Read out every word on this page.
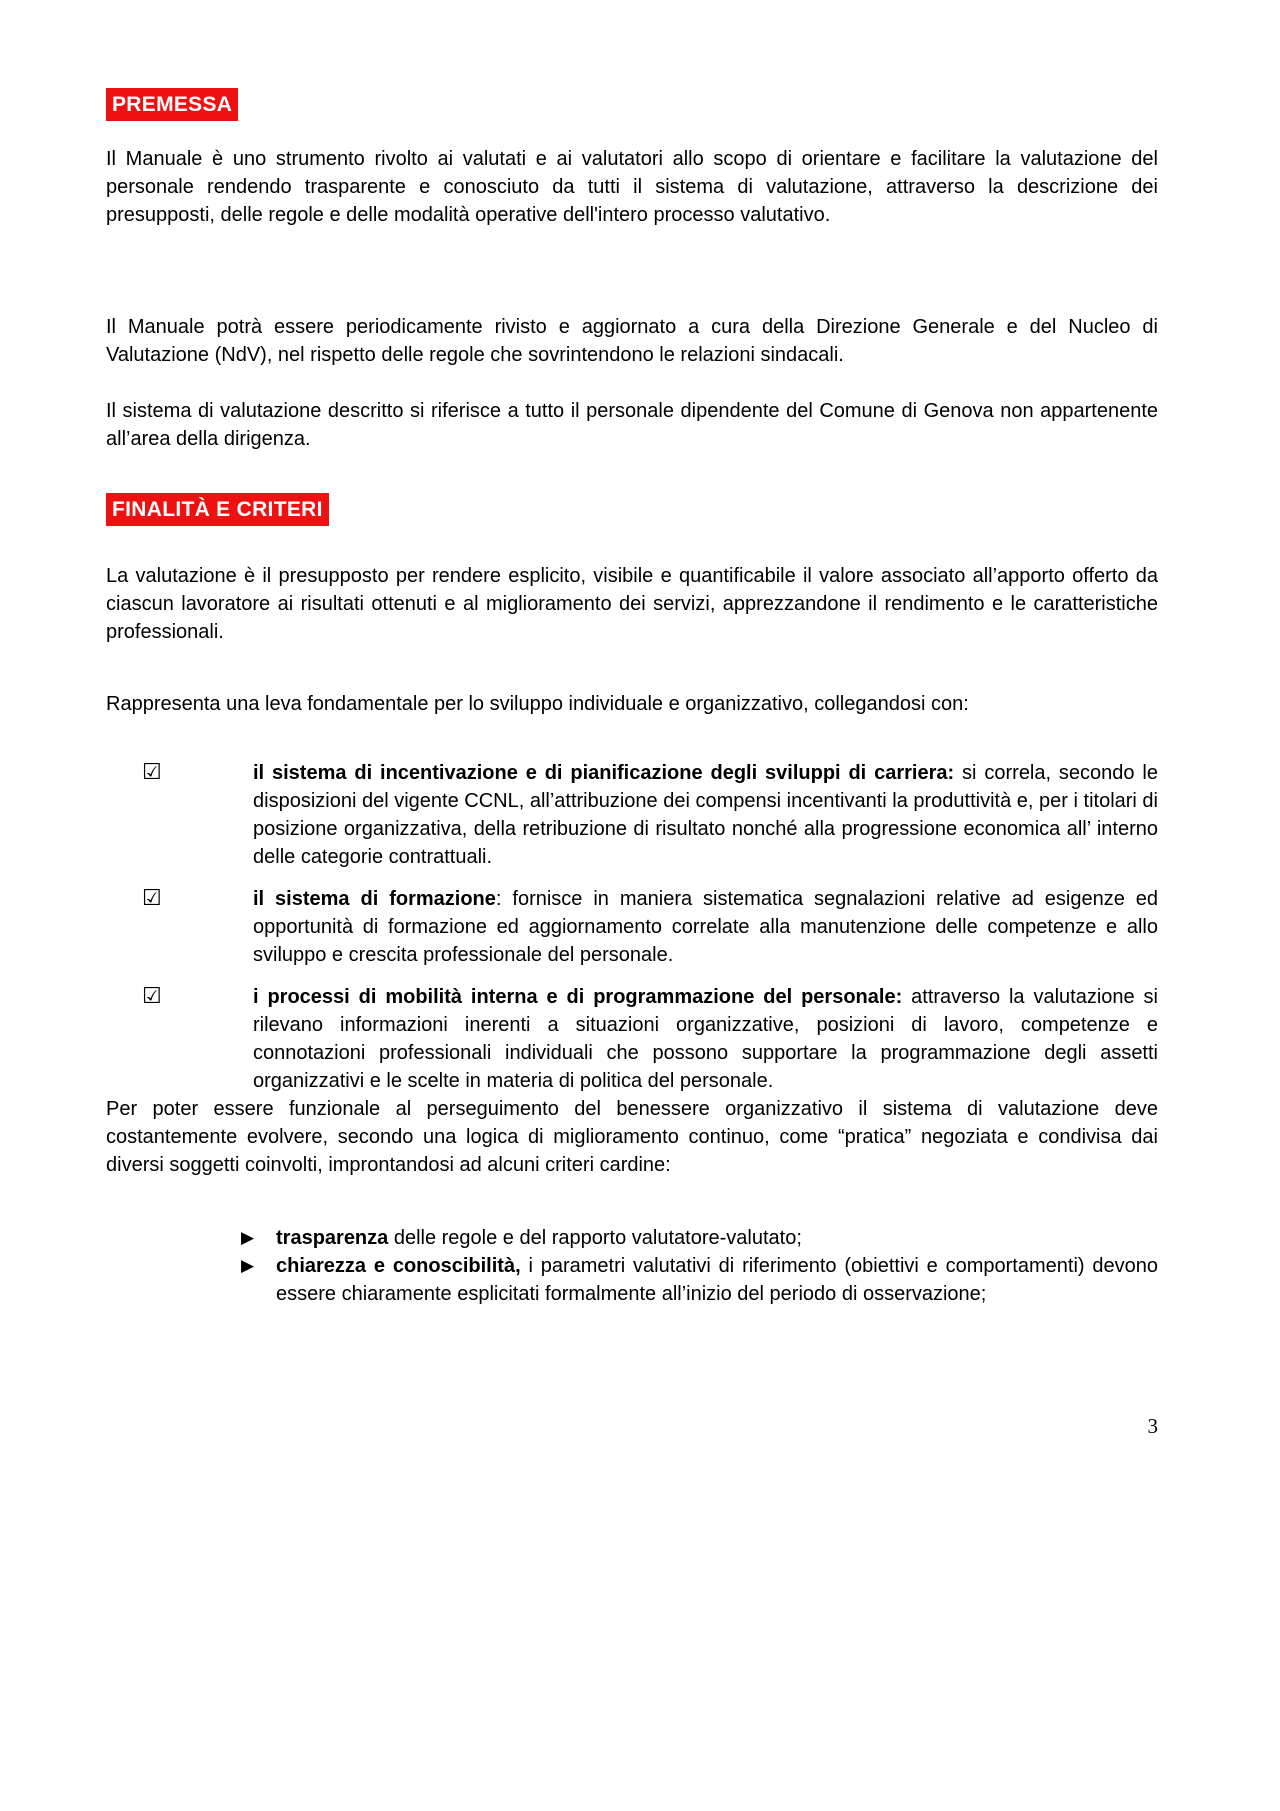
PREMESSA

Il Manuale è uno strumento rivolto ai valutati e ai valutatori allo scopo di orientare e facilitare la valutazione del personale rendendo trasparente e conosciuto da tutti il sistema di valutazione, attraverso la descrizione dei presupposti, delle regole e delle modalità operative dell'intero processo valutativo.

Il Manuale potrà essere periodicamente rivisto e aggiornato a cura della Direzione Generale e del Nucleo di Valutazione (NdV), nel rispetto delle regole che sovrintendono le relazioni sindacali.

Il sistema di valutazione descritto si riferisce a tutto il personale dipendente del Comune di Genova non appartenente all’area della dirigenza.

FINALITÀ E CRITERI

La valutazione è il presupposto per rendere esplicito, visibile e quantificabile il valore associato all’apporto offerto da ciascun lavoratore ai risultati ottenuti e al miglioramento dei servizi, apprezzandone il rendimento e le caratteristiche professionali.

Rappresenta una leva fondamentale per lo sviluppo individuale e organizzativo, collegandosi con:

☑	il sistema di incentivazione e di pianificazione degli sviluppi di carriera: si correla, secondo le disposizioni del vigente CCNL, all’attribuzione dei compensi incentivanti la produttività e, per i titolari di posizione organizzativa, della retribuzione di risultato nonché alla progressione economica all’ interno delle categorie contrattuali.
☑	il sistema di formazione: fornisce in maniera sistematica segnalazioni relative ad esigenze ed opportunità di formazione ed aggiornamento correlate alla manutenzione delle competenze e allo sviluppo e crescita professionale del personale.
☑	i processi di mobilità interna e di programmazione del personale: attraverso la valutazione si rilevano informazioni inerenti a situazioni organizzative, posizioni di lavoro, competenze e connotazioni professionali individuali che possono supportare la programmazione degli assetti organizzativi e le scelte in materia di politica del personale.

Per poter essere funzionale al perseguimento del benessere organizzativo il sistema di valutazione deve costantemente evolvere, secondo una logica di miglioramento continuo, come “pratica” negoziata e condivisa dai diversi soggetti coinvolti, improntandosi ad alcuni criteri cardine:

▶	trasparenza delle regole e del rapporto valutatore-valutato;
▶	chiarezza e conoscibilità, i parametri valutativi di riferimento (obiettivi e comportamenti) devono essere chiaramente esplicitati formalmente all’inizio del periodo di osservazione;
3
